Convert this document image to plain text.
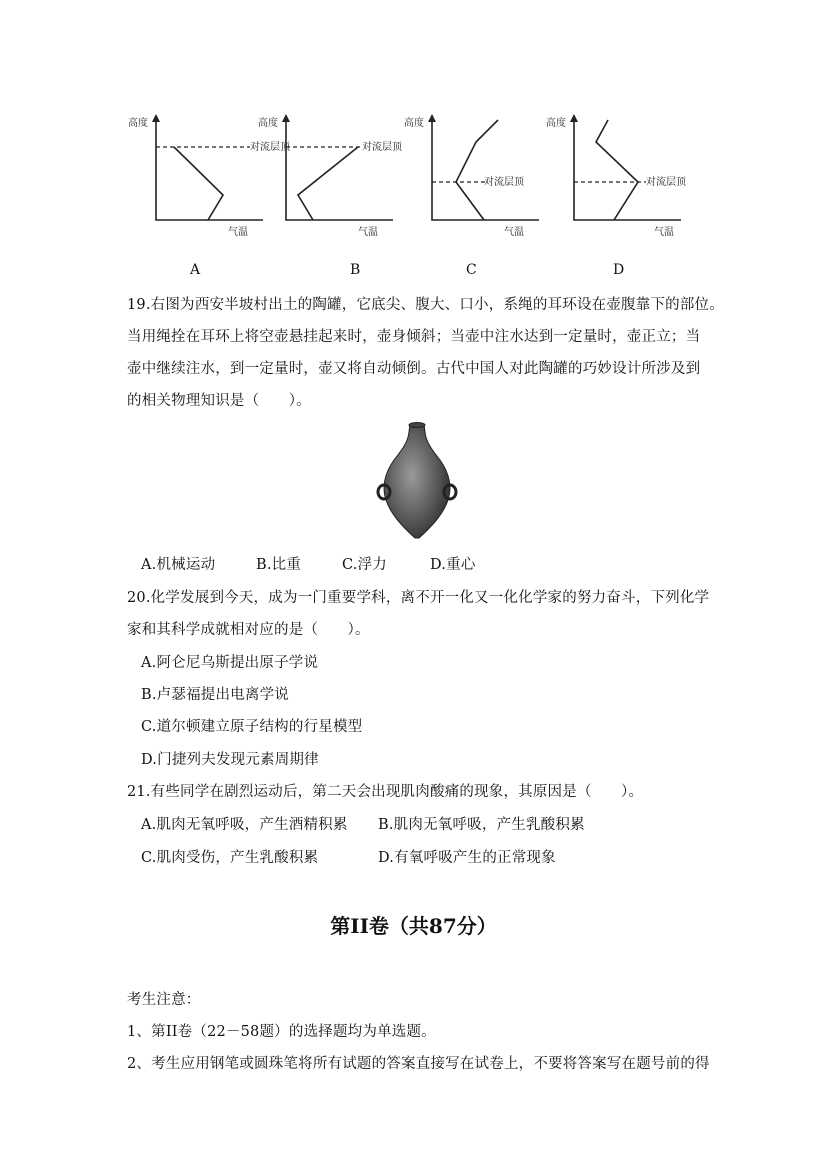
高度
对流层顶
气温
高度
对流层顶
气温
高度
对流层顶
气温
高度
对流层顶
气温
A	B	C	D
19.右图为西安半坡村出土的陶罐，它底尖、腹大、口小，系绳的耳环设在壶腹靠下的部位。
当用绳拴在耳环上将空壶悬挂起来时，壶身倾斜；当壶中注水达到一定量时，壶正立；当
壶中继续注水，到一定量时，壶又将自动倾倒。古代中国人对此陶罐的巧妙设计所涉及到
的相关物理知识是（　　）。
A.机械运动	B.比重	C.浮力	D.重心
20.化学发展到今天，成为一门重要学科，离不开一化又一化化学家的努力奋斗，下列化学
家和其科学成就相对应的是（　　）。
A.阿仑尼乌斯提出原子学说
B.卢瑟福提出电离学说
C.道尔顿建立原子结构的行星模型
D.门捷列夫发现元素周期律
21.有些同学在剧烈运动后，第二天会出现肌肉酸痛的现象，其原因是（　　）。
A.肌肉无氧呼吸，产生酒精积累 B.肌肉无氧呼吸，产生乳酸积累
C.肌肉受伤，产生乳酸积累	D.有氧呼吸产生的正常现象
第II卷（共87分）
考生注意：
1、第II卷（22－58题）的选择题均为单选题。
2、考生应用钢笔或圆珠笔将所有试题的答案直接写在试卷上，不要将答案写在题号前的得
